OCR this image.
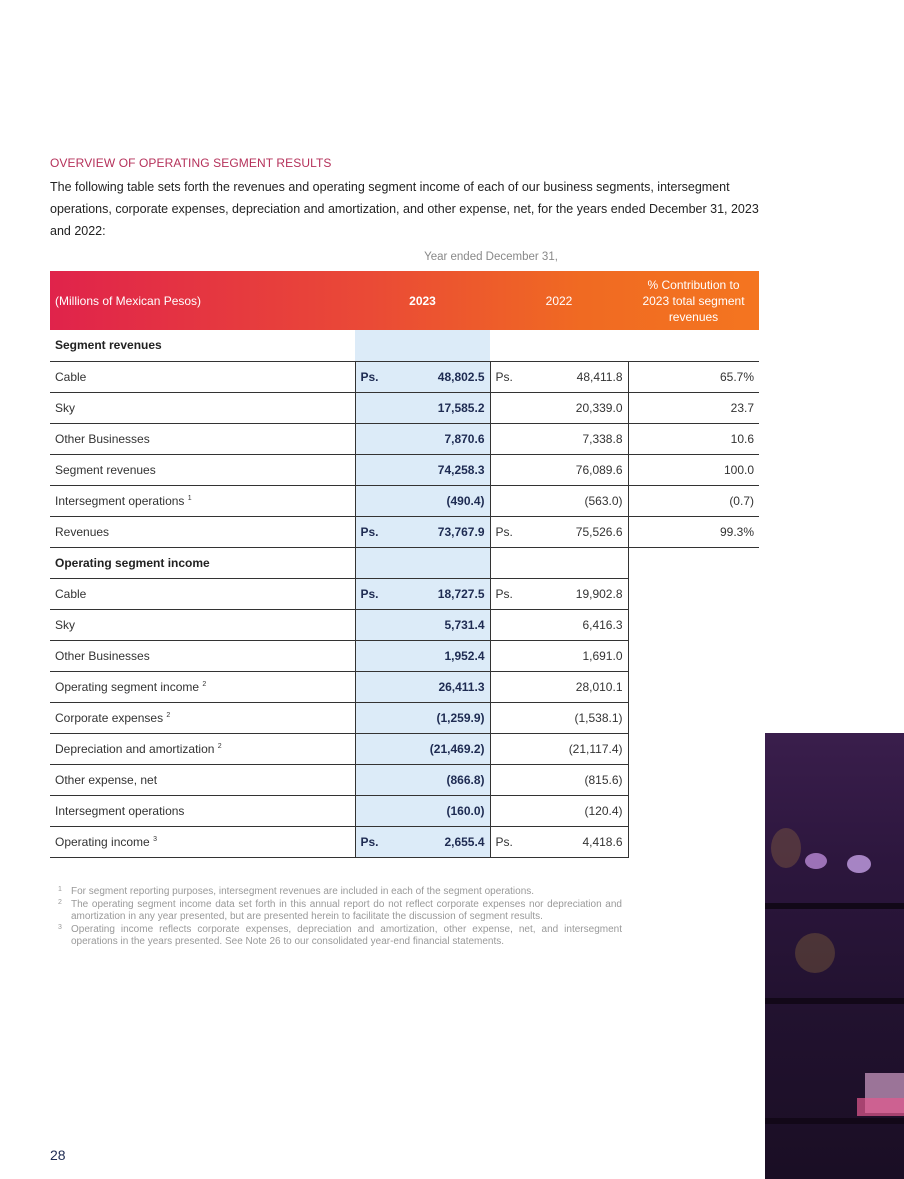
OVERVIEW OF OPERATING SEGMENT RESULTS
The following table sets forth the revenues and operating segment income of each of our business segments, intersegment operations, corporate expenses, depreciation and amortization, and other expense, net, for the years ended December 31, 2023 and 2022:
Year ended December 31,
(Millions of Mexican Pesos)	2023	2022	% Contribution to 2023 total segment revenues
Segment revenues			
Cable	Ps. 48,802.5	Ps. 48,411.8	65.7%
Sky	17,585.2	20,339.0	23.7
Other Businesses	7,870.6	7,338.8	10.6
Segment revenues	74,258.3	76,089.6	100.0
Intersegment operations $^1$	(490.4)	(563.0)	(0.7)
Revenues	Ps. 73,767.9	Ps. 75,526.6	99.3%
Operating segment income			
Cable	Ps. 18,727.5	Ps. 19,902.8	

Sky	5,731.4	6,416.3	

Other Businesses	1,952.4	1,691.0	

Operating segment income $^2$	26,411.3	28,010.1	

Corporate expenses $^2$	(1,259.9)	(1,538.1)	

Depreciation and amortization $^2$	(21,469.2)	(21,117.4)	

Other expense, net	(866.8)	(815.6)	

Intersegment operations	(160.0)	(120.4)	

Operating income $^3$	Ps. 2,655.4	Ps. 4,418.6	

1 For segment reporting purposes, intersegment revenues are included in each of the segment operations.
2 The operating segment income data set forth in this annual report do not reflect corporate expenses nor depreciation and amortization in any year presented, but are presented herein to facilitate the discussion of segment results.
3 Operating income reflects corporate expenses, depreciation and amortization, other expense, net, and intersegment operations in the years presented. See Note 26 to our consolidated year-end financial statements.
28
